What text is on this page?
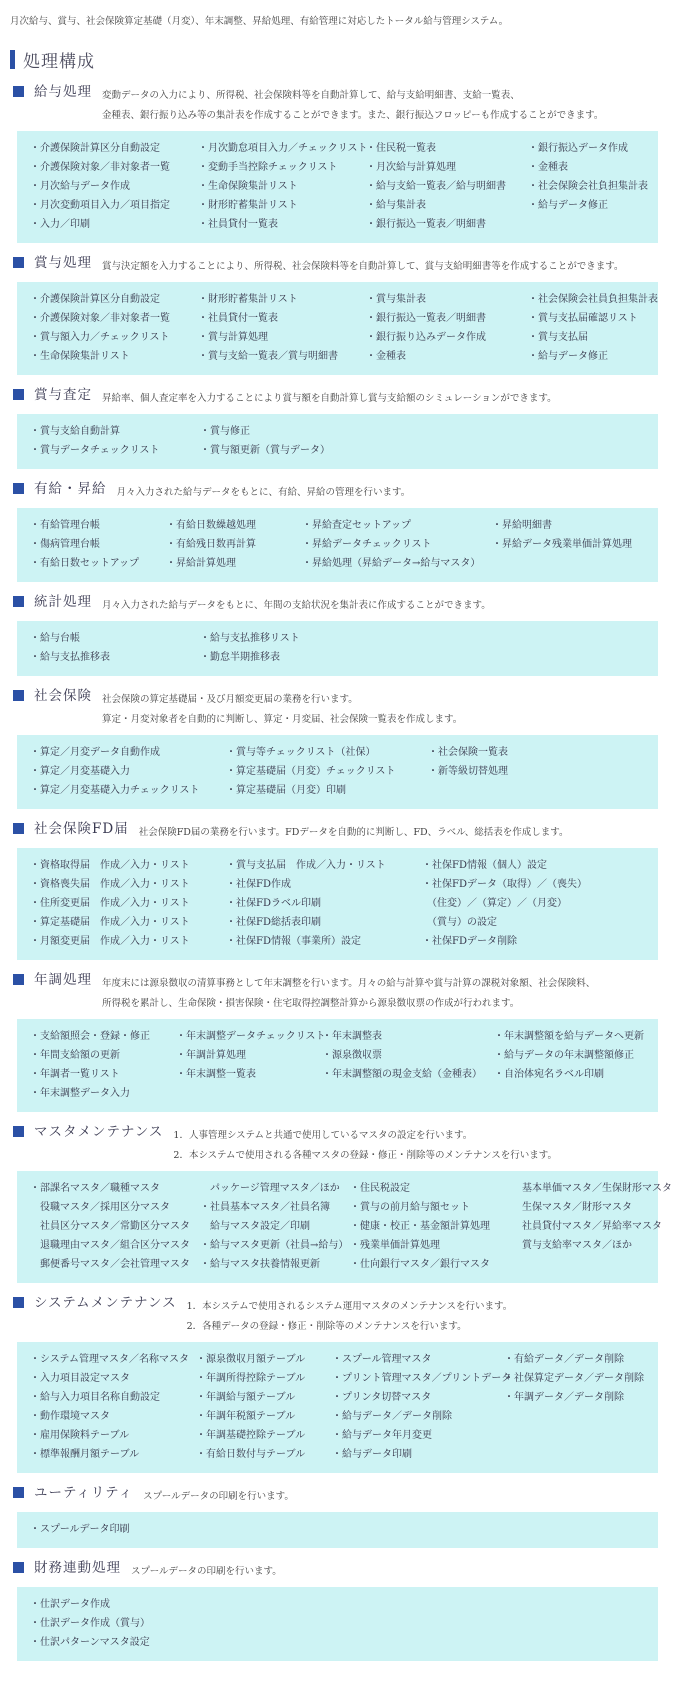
月次給与、賞与、社会保険算定基礎（月変）、年末調整、昇給処理、有給管理に対応したトータル給与管理システム。
処理構成
給与処理 変動データの入力により、所得税、社会保険料等を自動計算して、給与支給明細書、支給一覧表、
金種表、銀行振り込み等の集計表を作成することができます。また、銀行振込フロッピーも作成することができます。
・介護保険計算区分自動設定
・介護保険対象／非対象者一覧
・月次給与データ作成
・月次変動項目入力／項目指定
・入力／印刷
・月次勤怠項目入力／チェックリスト
・変動手当控除チェックリスト
・生命保険集計リスト
・財形貯蓄集計リスト
・社員貸付一覧表
・住民税一覧表
・月次給与計算処理
・給与支給一覧表／給与明細書
・給与集計表
・銀行振込一覧表／明細書
・銀行振込データ作成
・金種表
・社会保険会社負担集計表
・給与データ修正
賞与処理 賞与決定額を入力することにより、所得税、社会保険料等を自動計算して、賞与支給明細書等を作成することができます。
・介護保険計算区分自動設定
・介護保険対象／非対象者一覧
・賞与額入力／チェックリスト
・生命保険集計リスト
・財形貯蓄集計リスト
・社員貸付一覧表
・賞与計算処理
・賞与支給一覧表／賞与明細書
・賞与集計表
・銀行振込一覧表／明細書
・銀行振り込みデータ作成
・金種表
・社会保険会社員負担集計表
・賞与支払届確認リスト
・賞与支払届
・給与データ修正
賞与査定 昇給率、個人査定率を入力することにより賞与額を自動計算し賞与支給額のシミュレーションができます。
・賞与支給自動計算
・賞与データチェックリスト
・賞与修正
・賞与額更新（賞与データ）
有給・昇給 月々入力された給与データをもとに、有給、昇給の管理を行います。
・有給管理台帳
・傷病管理台帳
・有給日数セットアップ
・有給日数繰越処理
・有給残日数再計算
・昇給計算処理
・昇給査定セットアップ
・昇給データチェックリスト
・昇給処理（昇給データ→給与マスタ）
・昇給明細書
・昇給データ残業単価計算処理
統計処理 月々入力された給与データをもとに、年間の支給状況を集計表に作成することができます。
・給与台帳
・給与支払推移表
・給与支払推移リスト
・勤怠半期推移表
社会保険 社会保険の算定基礎届・及び月額変更届の業務を行います。
算定・月変対象者を自動的に判断し、算定・月変届、社会保険一覧表を作成します。
・算定／月変データ自動作成
・算定／月変基礎入力
・算定／月変基礎入力チェックリスト
・賞与等チェックリスト（社保）
・算定基礎届（月変）チェックリスト
・算定基礎届（月変）印刷
・社会保険一覧表
・新等級切替処理
社会保険FD届 社会保険FD届の業務を行います。FDデータを自動的に判断し、FD、ラベル、総括表を作成します。
・資格取得届　作成／入力・リスト
・資格喪失届　作成／入力・リスト
・住所変更届　作成／入力・リスト
・算定基礎届　作成／入力・リスト
・月額変更届　作成／入力・リスト
・賞与支払届　作成／入力・リスト
・社保FD作成
・社保FDラベル印刷
・社保FD総括表印刷
・社保FD情報（事業所）設定
・社保FD情報（個人）設定
・社保FDデータ（取得）／（喪失）
　（住変）／（算定）／（月変）
　（賞与）の設定
・社保FDデータ削除
年調処理 年度末には源泉徴収の清算事務として年末調整を行います。月々の給与計算や賞与計算の課税対象額、社会保険料、
所得税を累計し、生命保険・損害保険・住宅取得控調整計算から源泉徴収票の作成が行われます。
・支給額照会・登録・修正
・年間支給額の更新
・年調者一覧リスト
・年末調整データ入力
・年末調整データチェックリスト
・年調計算処理
・年末調整一覧表
・年末調整表
・源泉徴収票
・年末調整額の現金支給（金種表）
・年末調整額を給与データへ更新
・給与データの年末調整額修正
・自治体宛名ラベル印刷
マスタメンテナンス 1．人事管理システムと共通で使用しているマスタの設定を行います。
2．本システムで使用される各種マスタの登録・修正・削除等のメンテナンスを行います。
・部課名マスタ／職種マスタ
　役職マスタ／採用区分マスタ
　社員区分マスタ／常勤区分マスタ
　退職理由マスタ／組合区分マスタ
　郵便番号マスタ／会社管理マスタ
　パッケージ管理マスタ／ほか
・社員基本マスタ／社員名簿
　給与マスタ設定／印刷
・給与マスタ更新（社員→給与）
・給与マスタ扶養情報更新
・住民税設定
・賞与の前月給与額セット
・健康・校正・基金額計算処理
・残業単価計算処理
・仕向銀行マスタ／銀行マスタ
　基本単価マスタ／生保財形マスタ
　生保マスタ／財形マスタ
　社員貸付マスタ／昇給率マスタ
　賞与支給率マスタ／ほか
システムメンテナンス 1．本システムで使用されるシステム運用マスタのメンテナンスを行います。
2．各種データの登録・修正・削除等のメンテナンスを行います。
・システム管理マスタ／名称マスタ
・入力項目設定マスタ
・給与入力項目名称自動設定
・動作環境マスタ
・雇用保険料テーブル
・標準報酬月額テーブル
・源泉徴収月額テーブル
・年調所得控除テーブル
・年調給与額テーブル
・年調年税額テーブル
・年調基礎控除テーブル
・有給日数付与テーブル
・スプール管理マスタ
・プリント管理マスタ／プリントデータ
・プリンタ切替マスタ
・給与データ／データ削除
・給与データ年月変更
・給与データ印刷
・有給データ／データ削除
・社保算定データ／データ削除
・年調データ／データ削除
ユーティリティ スプールデータの印刷を行います。
・スプールデータ印刷
財務連動処理 スプールデータの印刷を行います。
・仕訳データ作成
・仕訳データ作成（賞与）
・仕訳パターンマスタ設定
